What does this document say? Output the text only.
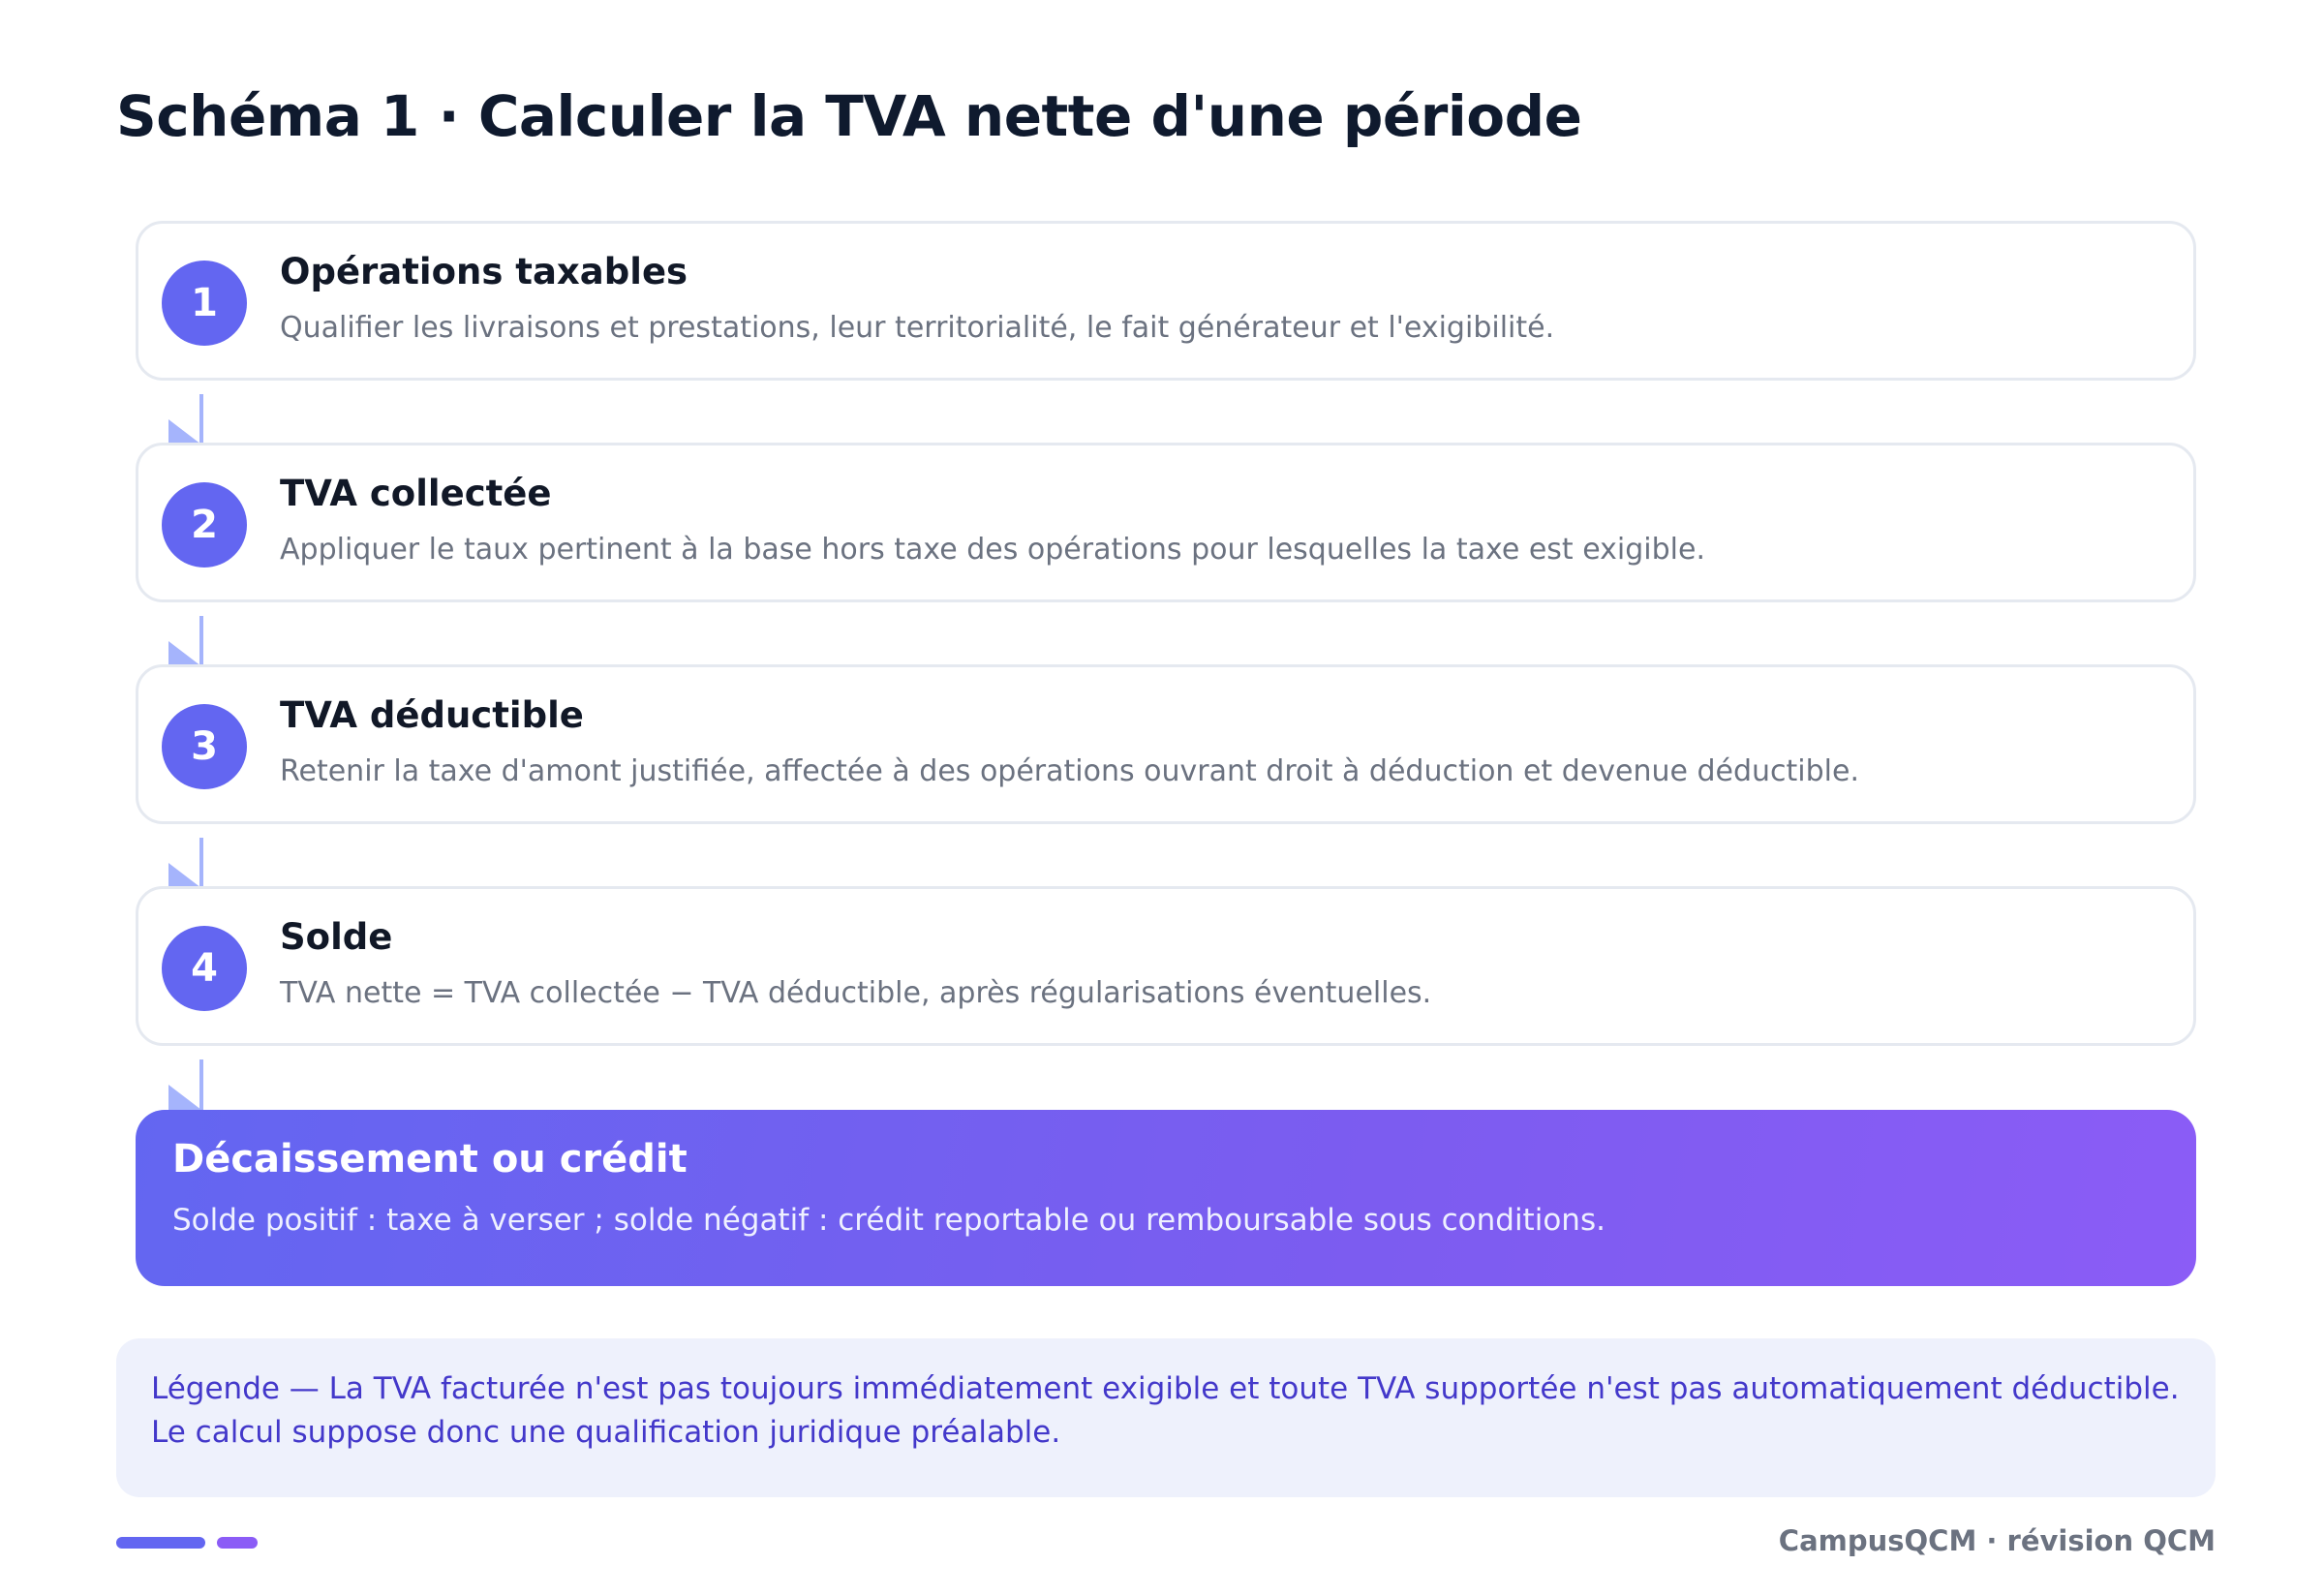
Schéma 1 · Calculer la TVA nette d'une période
1
Opérations taxables
Qualifier les livraisons et prestations, leur territorialité, le fait générateur et l'exigibilité.
2
TVA collectée
Appliquer le taux pertinent à la base hors taxe des opérations pour lesquelles la taxe est exigible.
3
TVA déductible
Retenir la taxe d'amont justifiée, affectée à des opérations ouvrant droit à déduction et devenue déductible.
4
Solde
TVA nette = TVA collectée − TVA déductible, après régularisations éventuelles.
Décaissement ou crédit
Solde positif : taxe à verser ; solde négatif : crédit reportable ou remboursable sous conditions.
Légende — La TVA facturée n'est pas toujours immédiatement exigible et toute TVA supportée n'est pas automatiquement déductible. Le calcul suppose donc une qualification juridique préalable.
CampusQCM · révision QCM
